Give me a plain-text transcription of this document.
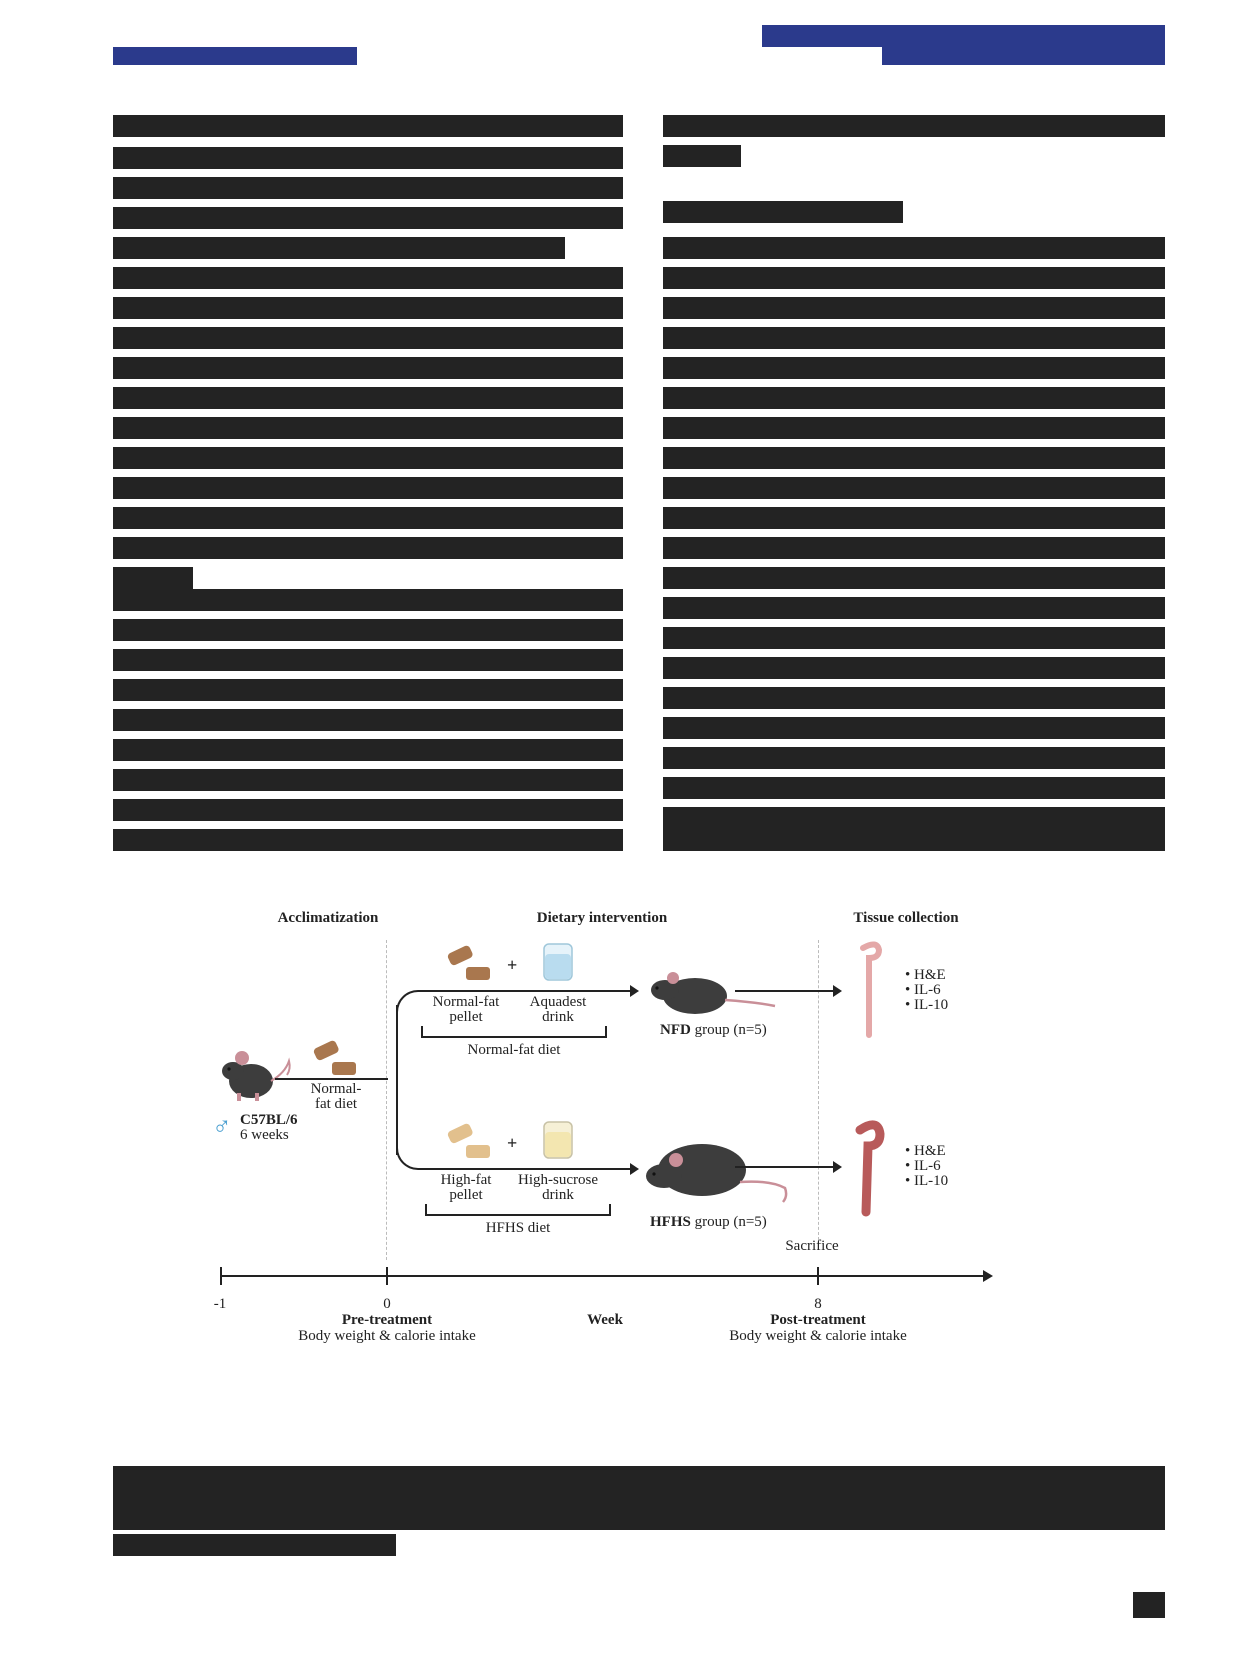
Acclimatization	Dietary intervention	Tissue collection
Normal-
fat diet
♂ C57BL/6
6 weeks
+
Normal-fat
pellet
Aquadest
drink
Normal-fat diet
NFD group (n=5)
• H&E
• IL-6
• IL-10
+
High-fat
pellet
High-sucrose
drink
HFHS diet	HFHS group (n=5)
• H&E
• IL-6
• IL-10
Sacrifice
-1	0	8
Pre-treatment
Body weight & calorie intake
Week	Post-treatment
Body weight & calorie intake
